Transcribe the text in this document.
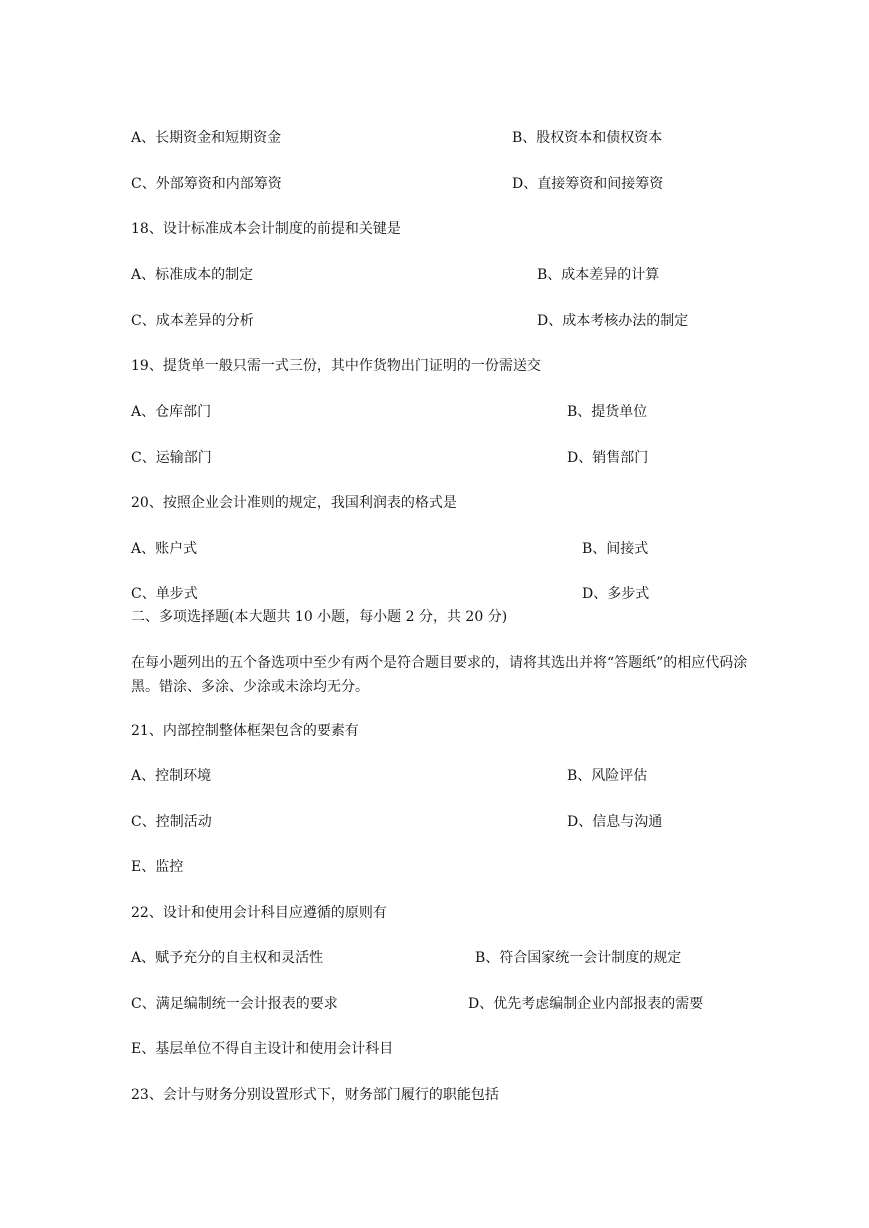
A、长期资金和短期资金	B、股权资本和债权资本
C、外部筹资和内部筹资	D、直接筹资和间接筹资
18、设计标准成本会计制度的前提和关键是
A、标准成本的制定	B、成本差异的计算
C、成本差异的分析	D、成本考核办法的制定
19、提货单一般只需一式三份，其中作货物出门证明的一份需送交
A、仓库部门	B、提货单位
C、运输部门	D、销售部门
20、按照企业会计准则的规定，我国利润表的格式是
A、账户式	B、间接式
C、单步式	D、多步式
二、多项选择题(本大题共 10 小题，每小题 2 分，共 20 分)
在每小题列出的五个备选项中至少有两个是符合题目要求的，请将其选出并将“答题纸”的相应代码涂黑。错涂、多涂、少涂或未涂均无分。
21、内部控制整体框架包含的要素有
A、控制环境	B、风险评估
C、控制活动	D、信息与沟通
E、监控
22、设计和使用会计科目应遵循的原则有
A、赋予充分的自主权和灵活性	B、符合国家统一会计制度的规定
C、满足编制统一会计报表的要求	D、优先考虑编制企业内部报表的需要
E、基层单位不得自主设计和使用会计科目
23、会计与财务分别设置形式下，财务部门履行的职能包括
